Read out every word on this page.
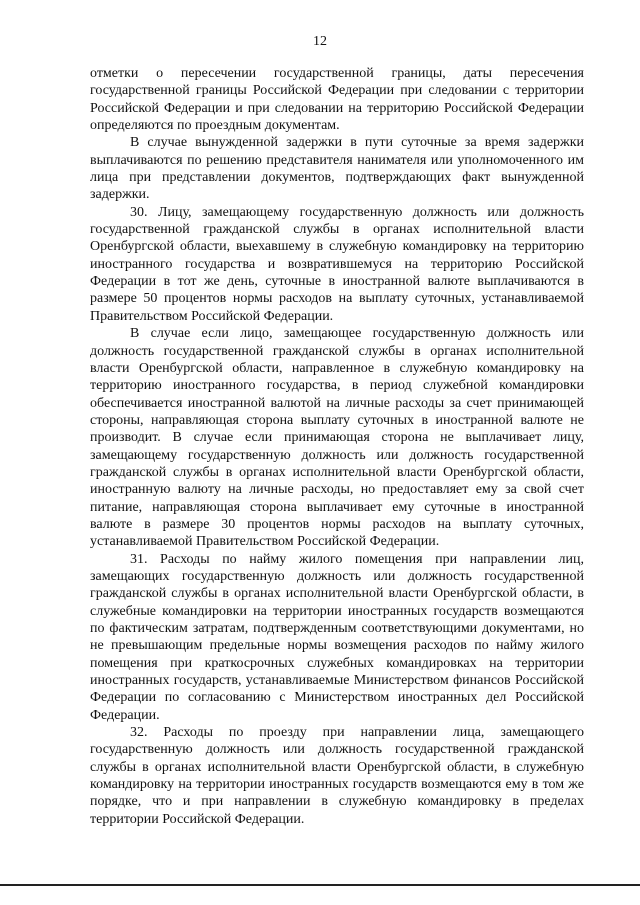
12

отметки о пересечении государственной границы, даты пересечения государственной границы Российской Федерации при следовании с территории Российской Федерации и при следовании на территорию Российской Федерации определяются по проездным документам.

В случае вынужденной задержки в пути суточные за время задержки выплачиваются по решению представителя нанимателя или уполномоченного им лица при представлении документов, подтверждающих факт вынужденной задержки.

30. Лицу, замещающему государственную должность или должность государственной гражданской службы в органах исполнительной власти Оренбургской области, выехавшему в служебную командировку на территорию иностранного государства и возвратившемуся на территорию Российской Федерации в тот же день, суточные в иностранной валюте выплачиваются в размере 50 процентов нормы расходов на выплату суточных, устанавливаемой Правительством Российской Федерации.

В случае если лицо, замещающее государственную должность или должность государственной гражданской службы в органах исполнительной власти Оренбургской области, направленное в служебную командировку на территорию иностранного государства, в период служебной командировки обеспечивается иностранной валютой на личные расходы за счет принимающей стороны, направляющая сторона выплату суточных в иностранной валюте не производит. В случае если принимающая сторона не выплачивает лицу, замещающему государственную должность или должность государственной гражданской службы в органах исполнительной власти Оренбургской области, иностранную валюту на личные расходы, но предоставляет ему за свой счет питание, направляющая сторона выплачивает ему суточные в иностранной валюте в размере 30 процентов нормы расходов на выплату суточных, устанавливаемой Правительством Российской Федерации.

31. Расходы по найму жилого помещения при направлении лиц, замещающих государственную должность или должность государственной гражданской службы в органах исполнительной власти Оренбургской области, в служебные командировки на территории иностранных государств возмещаются по фактическим затратам, подтвержденным соответствующими документами, но не превышающим предельные нормы возмещения расходов по найму жилого помещения при краткосрочных служебных командировках на территории иностранных государств, устанавливаемые Министерством финансов Российской Федерации по согласованию с Министерством иностранных дел Российской Федерации.

32. Расходы по проезду при направлении лица, замещающего государственную должность или должность государственной гражданской службы в органах исполнительной власти Оренбургской области, в служебную командировку на территории иностранных государств возмещаются ему в том же порядке, что и при направлении в служебную командировку в пределах территории Российской Федерации.
